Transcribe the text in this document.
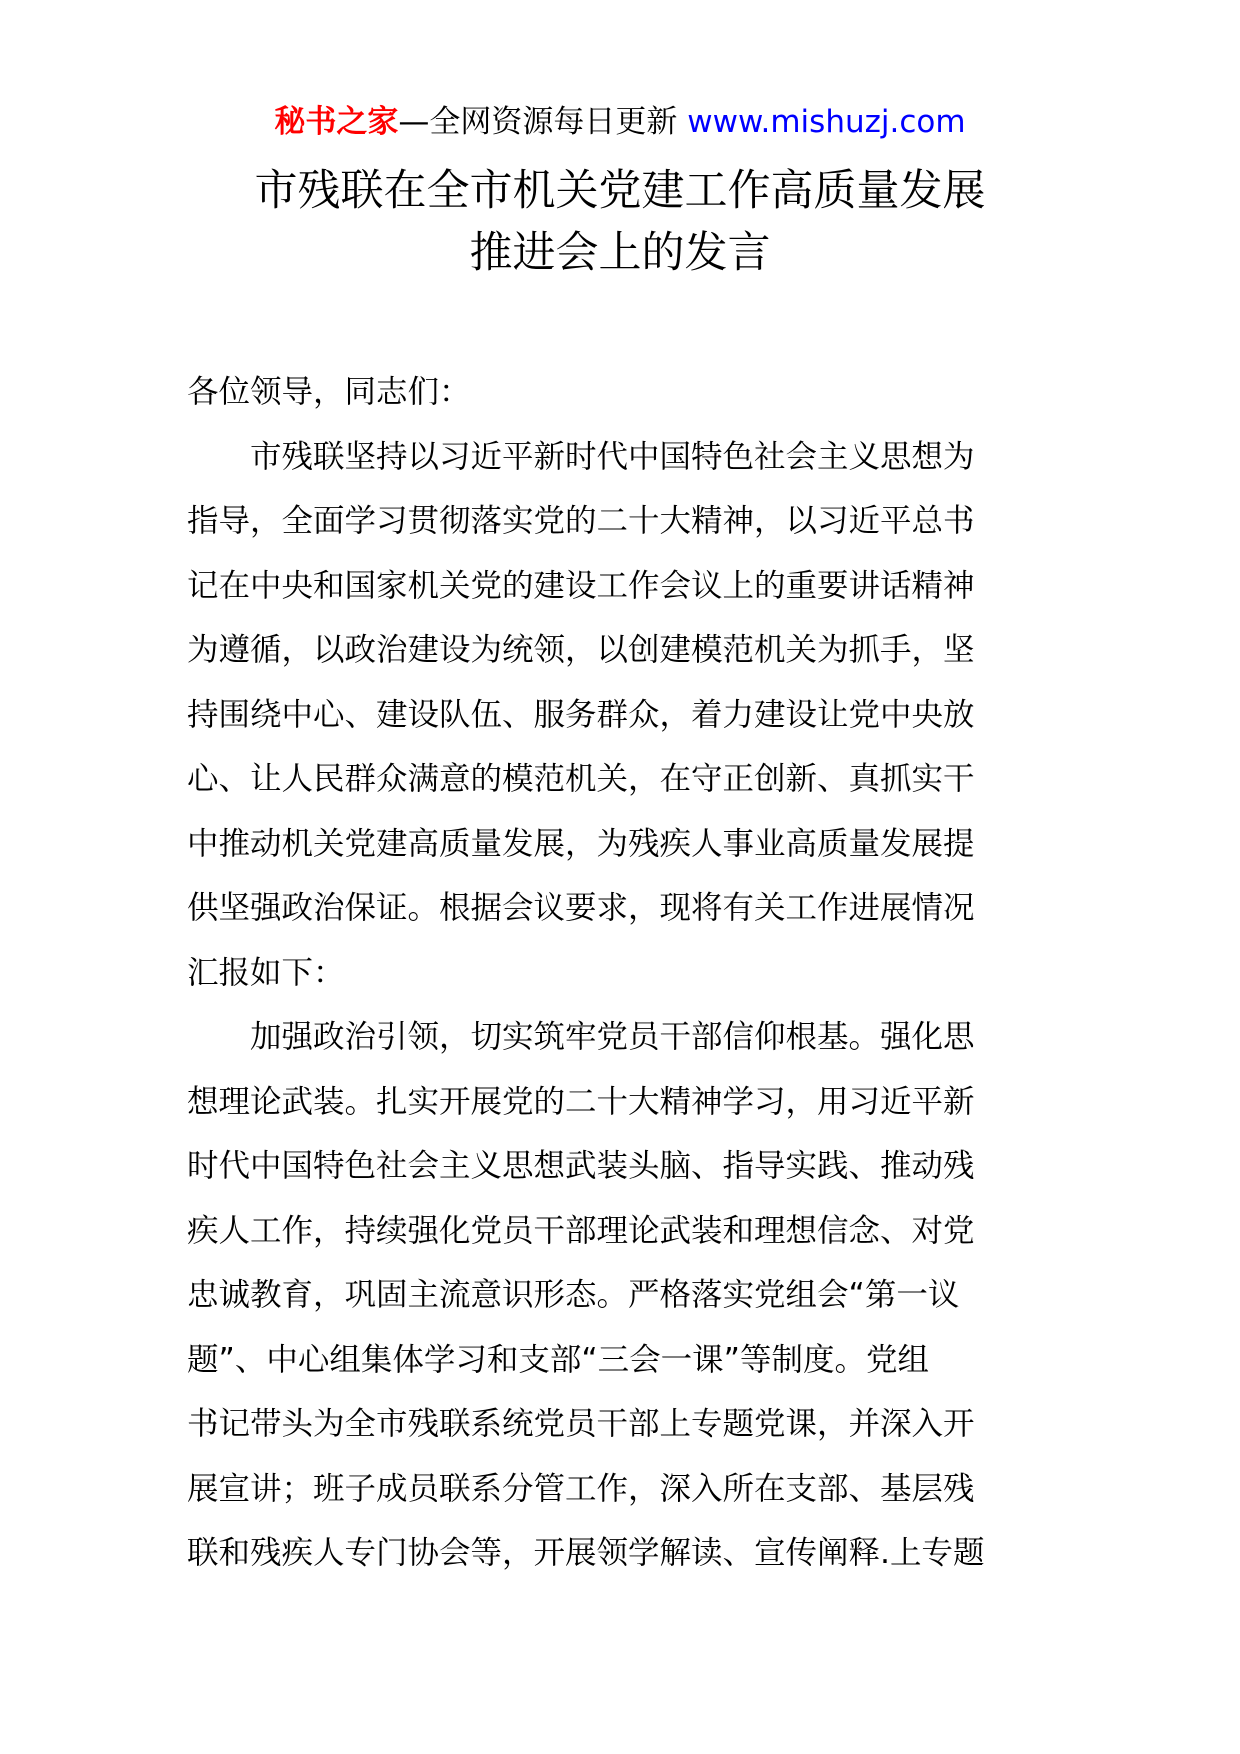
秘书之家—全网资源每日更新 www.mishuzj.com
市残联在全市机关党建工作高质量发展
推进会上的发言
各位领导，同志们：
　　市残联坚持以习近平新时代中国特色社会主义思想为
指导，全面学习贯彻落实党的二十大精神，以习近平总书
记在中央和国家机关党的建设工作会议上的重要讲话精神
为遵循，以政治建设为统领，以创建模范机关为抓手，坚
持围绕中心、建设队伍、服务群众，着力建设让党中央放
心、让人民群众满意的模范机关，在守正创新、真抓实干
中推动机关党建高质量发展，为残疾人事业高质量发展提
供坚强政治保证。根据会议要求，现将有关工作进展情况
汇报如下：
　　加强政治引领，切实筑牢党员干部信仰根基。强化思
想理论武装。扎实开展党的二十大精神学习，用习近平新
时代中国特色社会主义思想武装头脑、指导实践、推动残
疾人工作，持续强化党员干部理论武装和理想信念、对党
忠诚教育，巩固主流意识形态。严格落实党组会“第一议
题”、中心组集体学习和支部“三会一课”等制度。党组
书记带头为全市残联系统党员干部上专题党课，并深入开
展宣讲；班子成员联系分管工作，深入所在支部、基层残
联和残疾人专门协会等，开展领学解读、宣传阐释.上专题
